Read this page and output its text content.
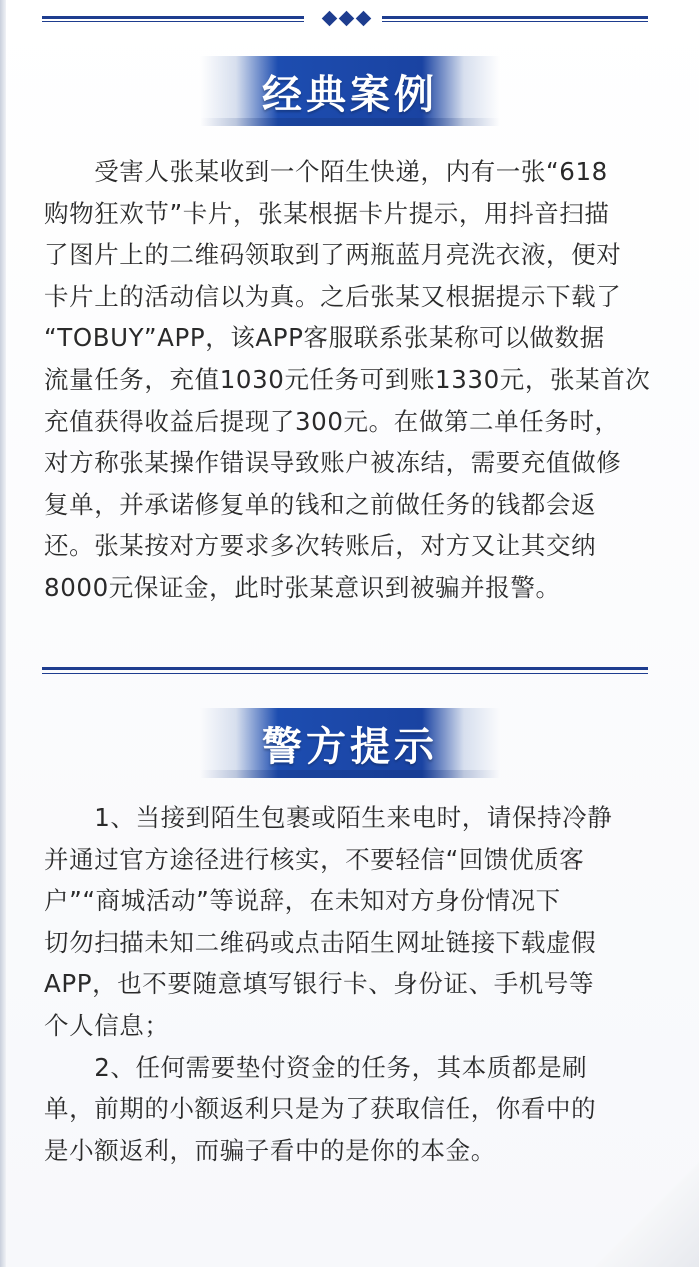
经典案例
　　受害人张某收到一个陌生快递，内有一张“618
购物狂欢节”卡片，张某根据卡片提示，用抖音扫描
了图片上的二维码领取到了两瓶蓝月亮洗衣液，便对
卡片上的活动信以为真。之后张某又根据提示下载了
“TOBUY”APP，该APP客服联系张某称可以做数据
流量任务，充值1030元任务可到账1330元，张某首次
充值获得收益后提现了300元。在做第二单任务时，
对方称张某操作错误导致账户被冻结，需要充值做修
复单，并承诺修复单的钱和之前做任务的钱都会返
还。张某按对方要求多次转账后，对方又让其交纳
8000元保证金，此时张某意识到被骗并报警。
警方提示
　　1、当接到陌生包裹或陌生来电时，请保持冷静
并通过官方途径进行核实，不要轻信“回馈优质客
户”“商城活动”等说辞，在未知对方身份情况下
切勿扫描未知二维码或点击陌生网址链接下载虚假
APP，也不要随意填写银行卡、身份证、手机号等
个人信息；
　　2、任何需要垫付资金的任务，其本质都是刷
单，前期的小额返利只是为了获取信任，你看中的
是小额返利，而骗子看中的是你的本金。
